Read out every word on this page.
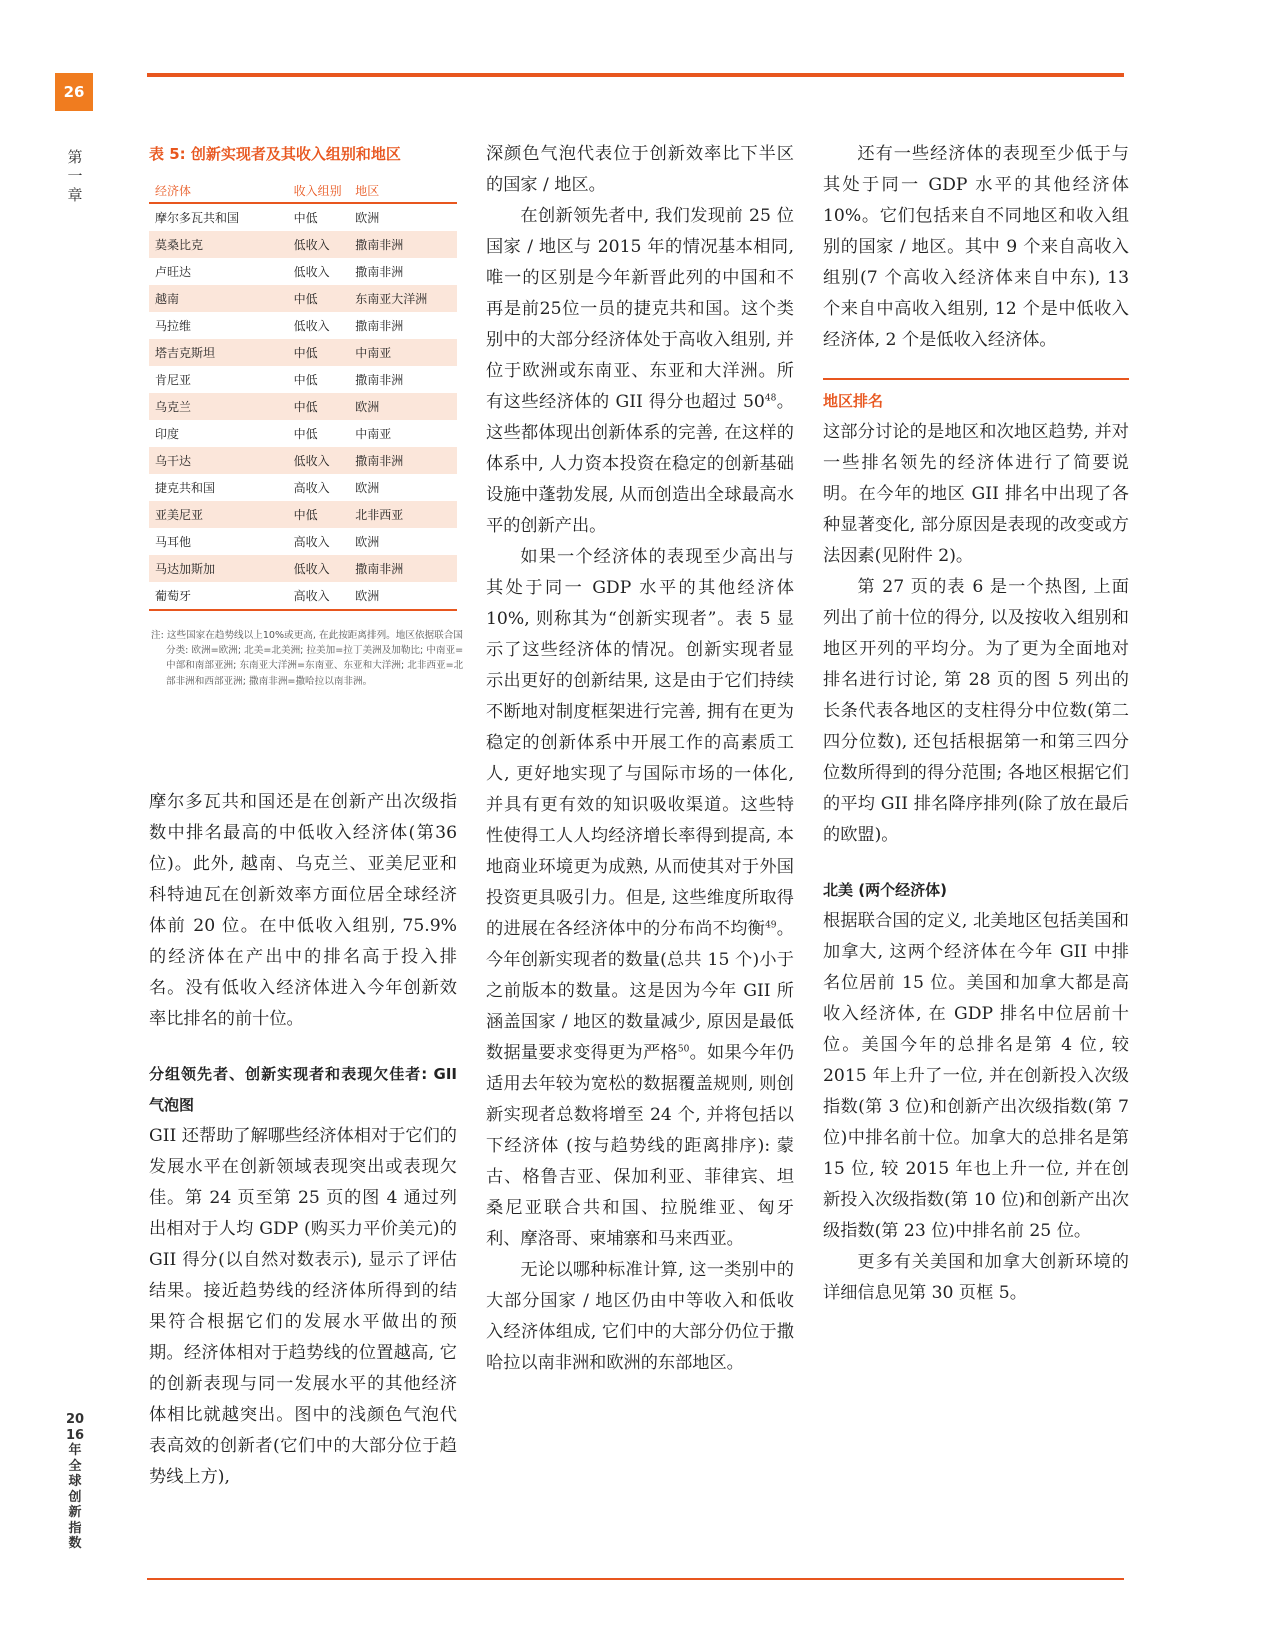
26
第一章
2016年全球创新指数
表 5: 创新实现者及其收入组别和地区
经济体	收入组别	地区
摩尔多瓦共和国	中低	欧洲
莫桑比克	低收入	撒南非洲
卢旺达	低收入	撒南非洲
越南	中低	东南亚大洋洲
马拉维	低收入	撒南非洲
塔吉克斯坦	中低	中南亚
肯尼亚	中低	撒南非洲
乌克兰	中低	欧洲
印度	中低	中南亚
乌干达	低收入	撒南非洲
捷克共和国	高收入	欧洲
亚美尼亚	中低	北非西亚
马耳他	高收入	欧洲
马达加斯加	低收入	撒南非洲
葡萄牙	高收入	欧洲
注: 这些国家在趋势线以上10%或更高, 在此按距离排列。地区依据联合国分类: 欧洲=欧洲; 北美=北美洲; 拉美加=拉丁美洲及加勒比; 中南亚=中部和南部亚洲; 东南亚大洋洲=东南亚、东亚和大洋洲; 北非西亚=北部非洲和西部亚洲; 撒南非洲=撒哈拉以南非洲。

摩尔多瓦共和国还是在创新产出次级指数中排名最高的中低收入经济体(第36 位)。此外, 越南、乌克兰、亚美尼亚和科特迪瓦在创新效率方面位居全球经济体前 20 位。在中低收入组别, 75.9% 的经济体在产出中的排名高于投入排名。没有低收入经济体进入今年创新效率比排名的前十位。

分组领先者、创新实现者和表现欠佳者: GII 气泡图

GII 还帮助了解哪些经济体相对于它们的发展水平在创新领域表现突出或表现欠佳。第 24 页至第 25 页的图 4 通过列出相对于人均 GDP (购买力平价美元)的 GII 得分(以自然对数表示), 显示了评估结果。接近趋势线的经济体所得到的结果符合根据它们的发展水平做出的预期。经济体相对于趋势线的位置越高, 它的创新表现与同一发展水平的其他经济体相比就越突出。图中的浅颜色气泡代表高效的创新者(它们中的大部分位于趋势线上方),

深颜色气泡代表位于创新效率比下半区的国家 / 地区。

在创新领先者中, 我们发现前 25 位国家 / 地区与 2015 年的情况基本相同, 唯一的区别是今年新晋此列的中国和不再是前25位一员的捷克共和国。这个类别中的大部分经济体处于高收入组别, 并位于欧洲或东南亚、东亚和大洋洲。所有这些经济体的 GII 得分也超过 $50^{48}$。这些都体现出创新体系的完善, 在这样的体系中, 人力资本投资在稳定的创新基础设施中蓬勃发展, 从而创造出全球最高水平的创新产出。

如果一个经济体的表现至少高出与其处于同一 GDP 水平的其他经济体 10%, 则称其为“创新实现者”。表 5 显示了这些经济体的情况。创新实现者显示出更好的创新结果, 这是由于它们持续不断地对制度框架进行完善, 拥有在更为稳定的创新体系中开展工作的高素质工人, 更好地实现了与国际市场的一体化, 并具有更有效的知识吸收渠道。这些特性使得工人人均经济增长率得到提高, 本地商业环境更为成熟, 从而使其对于外国投资更具吸引力。但是, 这些维度所取得的进展在各经济体中的分布尚不均衡$^{49}$。今年创新实现者的数量(总共 15 个)小于之前版本的数量。这是因为今年 GII 所涵盖国家 / 地区的数量减少, 原因是最低数据量要求变得更为严格$^{50}$。如果今年仍适用去年较为宽松的数据覆盖规则, 则创新实现者总数将增至 24 个, 并将包括以下经济体 (按与趋势线的距离排序): 蒙古、格鲁吉亚、保加利亚、菲律宾、坦桑尼亚联合共和国、拉脱维亚、匈牙利、摩洛哥、柬埔寨和马来西亚。

无论以哪种标准计算, 这一类别中的大部分国家 / 地区仍由中等收入和低收入经济体组成, 它们中的大部分仍位于撒哈拉以南非洲和欧洲的东部地区。

还有一些经济体的表现至少低于与其处于同一 GDP 水平的其他经济体 10%。它们包括来自不同地区和收入组别的国家 / 地区。其中 9 个来自高收入组别(7 个高收入经济体来自中东), 13 个来自中高收入组别, 12 个是中低收入经济体, 2 个是低收入经济体。

地区排名

这部分讨论的是地区和次地区趋势, 并对一些排名领先的经济体进行了简要说明。在今年的地区 GII 排名中出现了各种显著变化, 部分原因是表现的改变或方法因素(见附件 2)。

第 27 页的表 6 是一个热图, 上面列出了前十位的得分, 以及按收入组别和地区开列的平均分。为了更为全面地对排名进行讨论, 第 28 页的图 5 列出的长条代表各地区的支柱得分中位数(第二四分位数), 还包括根据第一和第三四分位数所得到的得分范围; 各地区根据它们的平均 GII 排名降序排列(除了放在最后的欧盟)。

北美 (两个经济体)

根据联合国的定义, 北美地区包括美国和加拿大, 这两个经济体在今年 GII 中排名位居前 15 位。美国和加拿大都是高收入经济体, 在 GDP 排名中位居前十位。美国今年的总排名是第 4 位, 较 2015 年上升了一位, 并在创新投入次级指数(第 3 位)和创新产出次级指数(第 7 位)中排名前十位。加拿大的总排名是第 15 位, 较 2015 年也上升一位, 并在创新投入次级指数(第 10 位)和创新产出次级指数(第 23 位)中排名前 25 位。

更多有关美国和加拿大创新环境的详细信息见第 30 页框 5。
